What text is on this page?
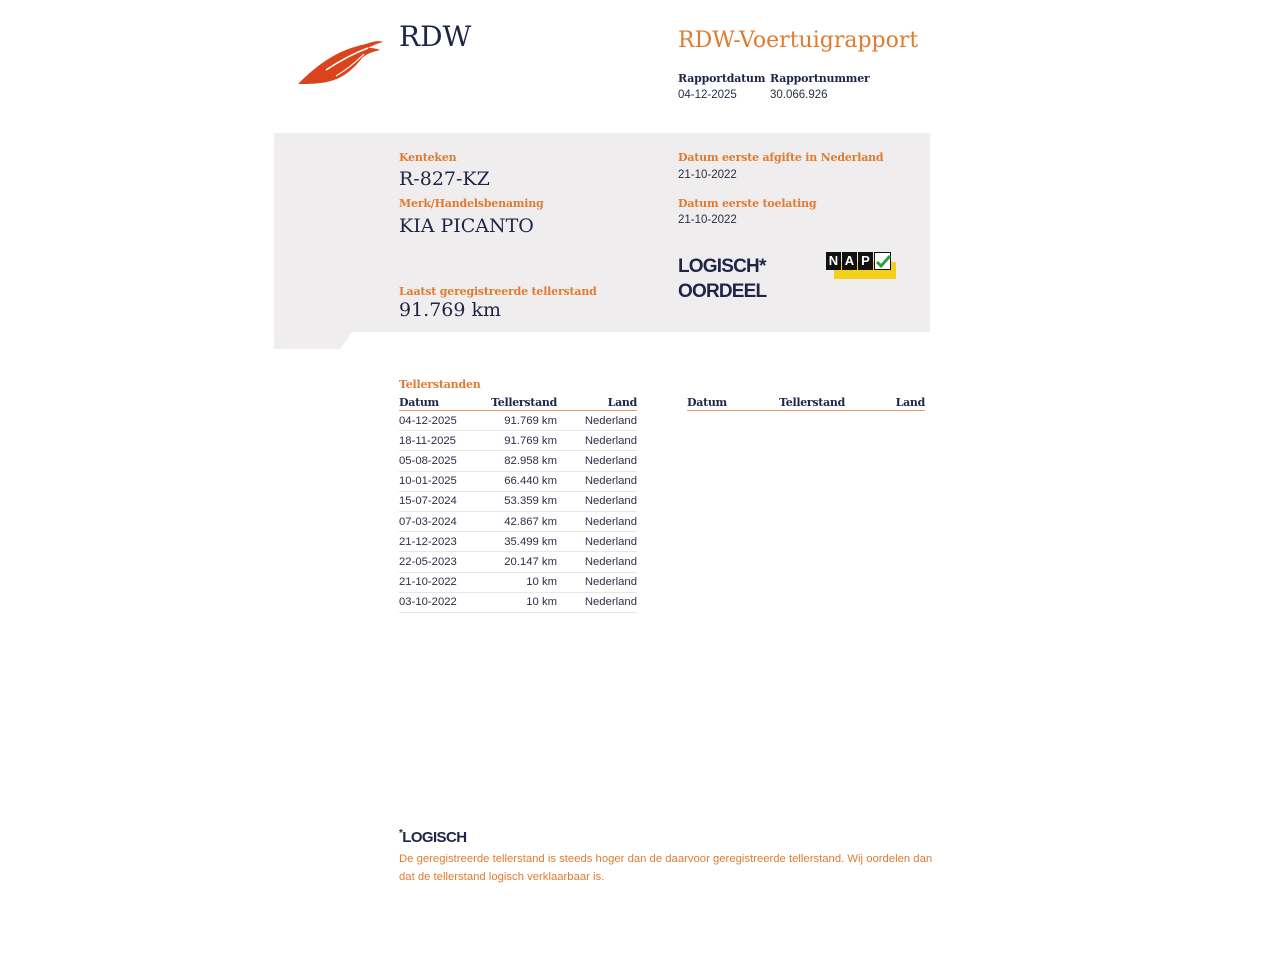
RDW	RDW-Voertuigrapport
Rapportdatum
04-12-2025
Rapportnummer
30.066.926
Kenteken
R-827-KZ
Merk/Handelsbenaming
KIA PICANTO
Datum eerste afgifte in Nederland
21-10-2022
Datum eerste toelating
21-10-2022
LOGISCH*
OORDEEL
N A P
Laatst geregistreerde tellerstand
91.769 km
Tellerstanden
Datum	Tellerstand	Land
04-12-2025	91.769 km	Nederland
18-11-2025	91.769 km	Nederland
05-08-2025	82.958 km	Nederland
10-01-2025	66.440 km	Nederland
15-07-2024	53.359 km	Nederland
07-03-2024	42.867 km	Nederland
21-12-2023	35.499 km	Nederland
22-05-2023	20.147 km	Nederland
21-10-2022	10 km	Nederland
03-10-2022	10 km	Nederland
Datum	Tellerstand	Land
*LOGISCH
De geregistreerde tellerstand is steeds hoger dan de daarvoor geregistreerde tellerstand. Wij oordelen dan dat de tellerstand logisch verklaarbaar is.
